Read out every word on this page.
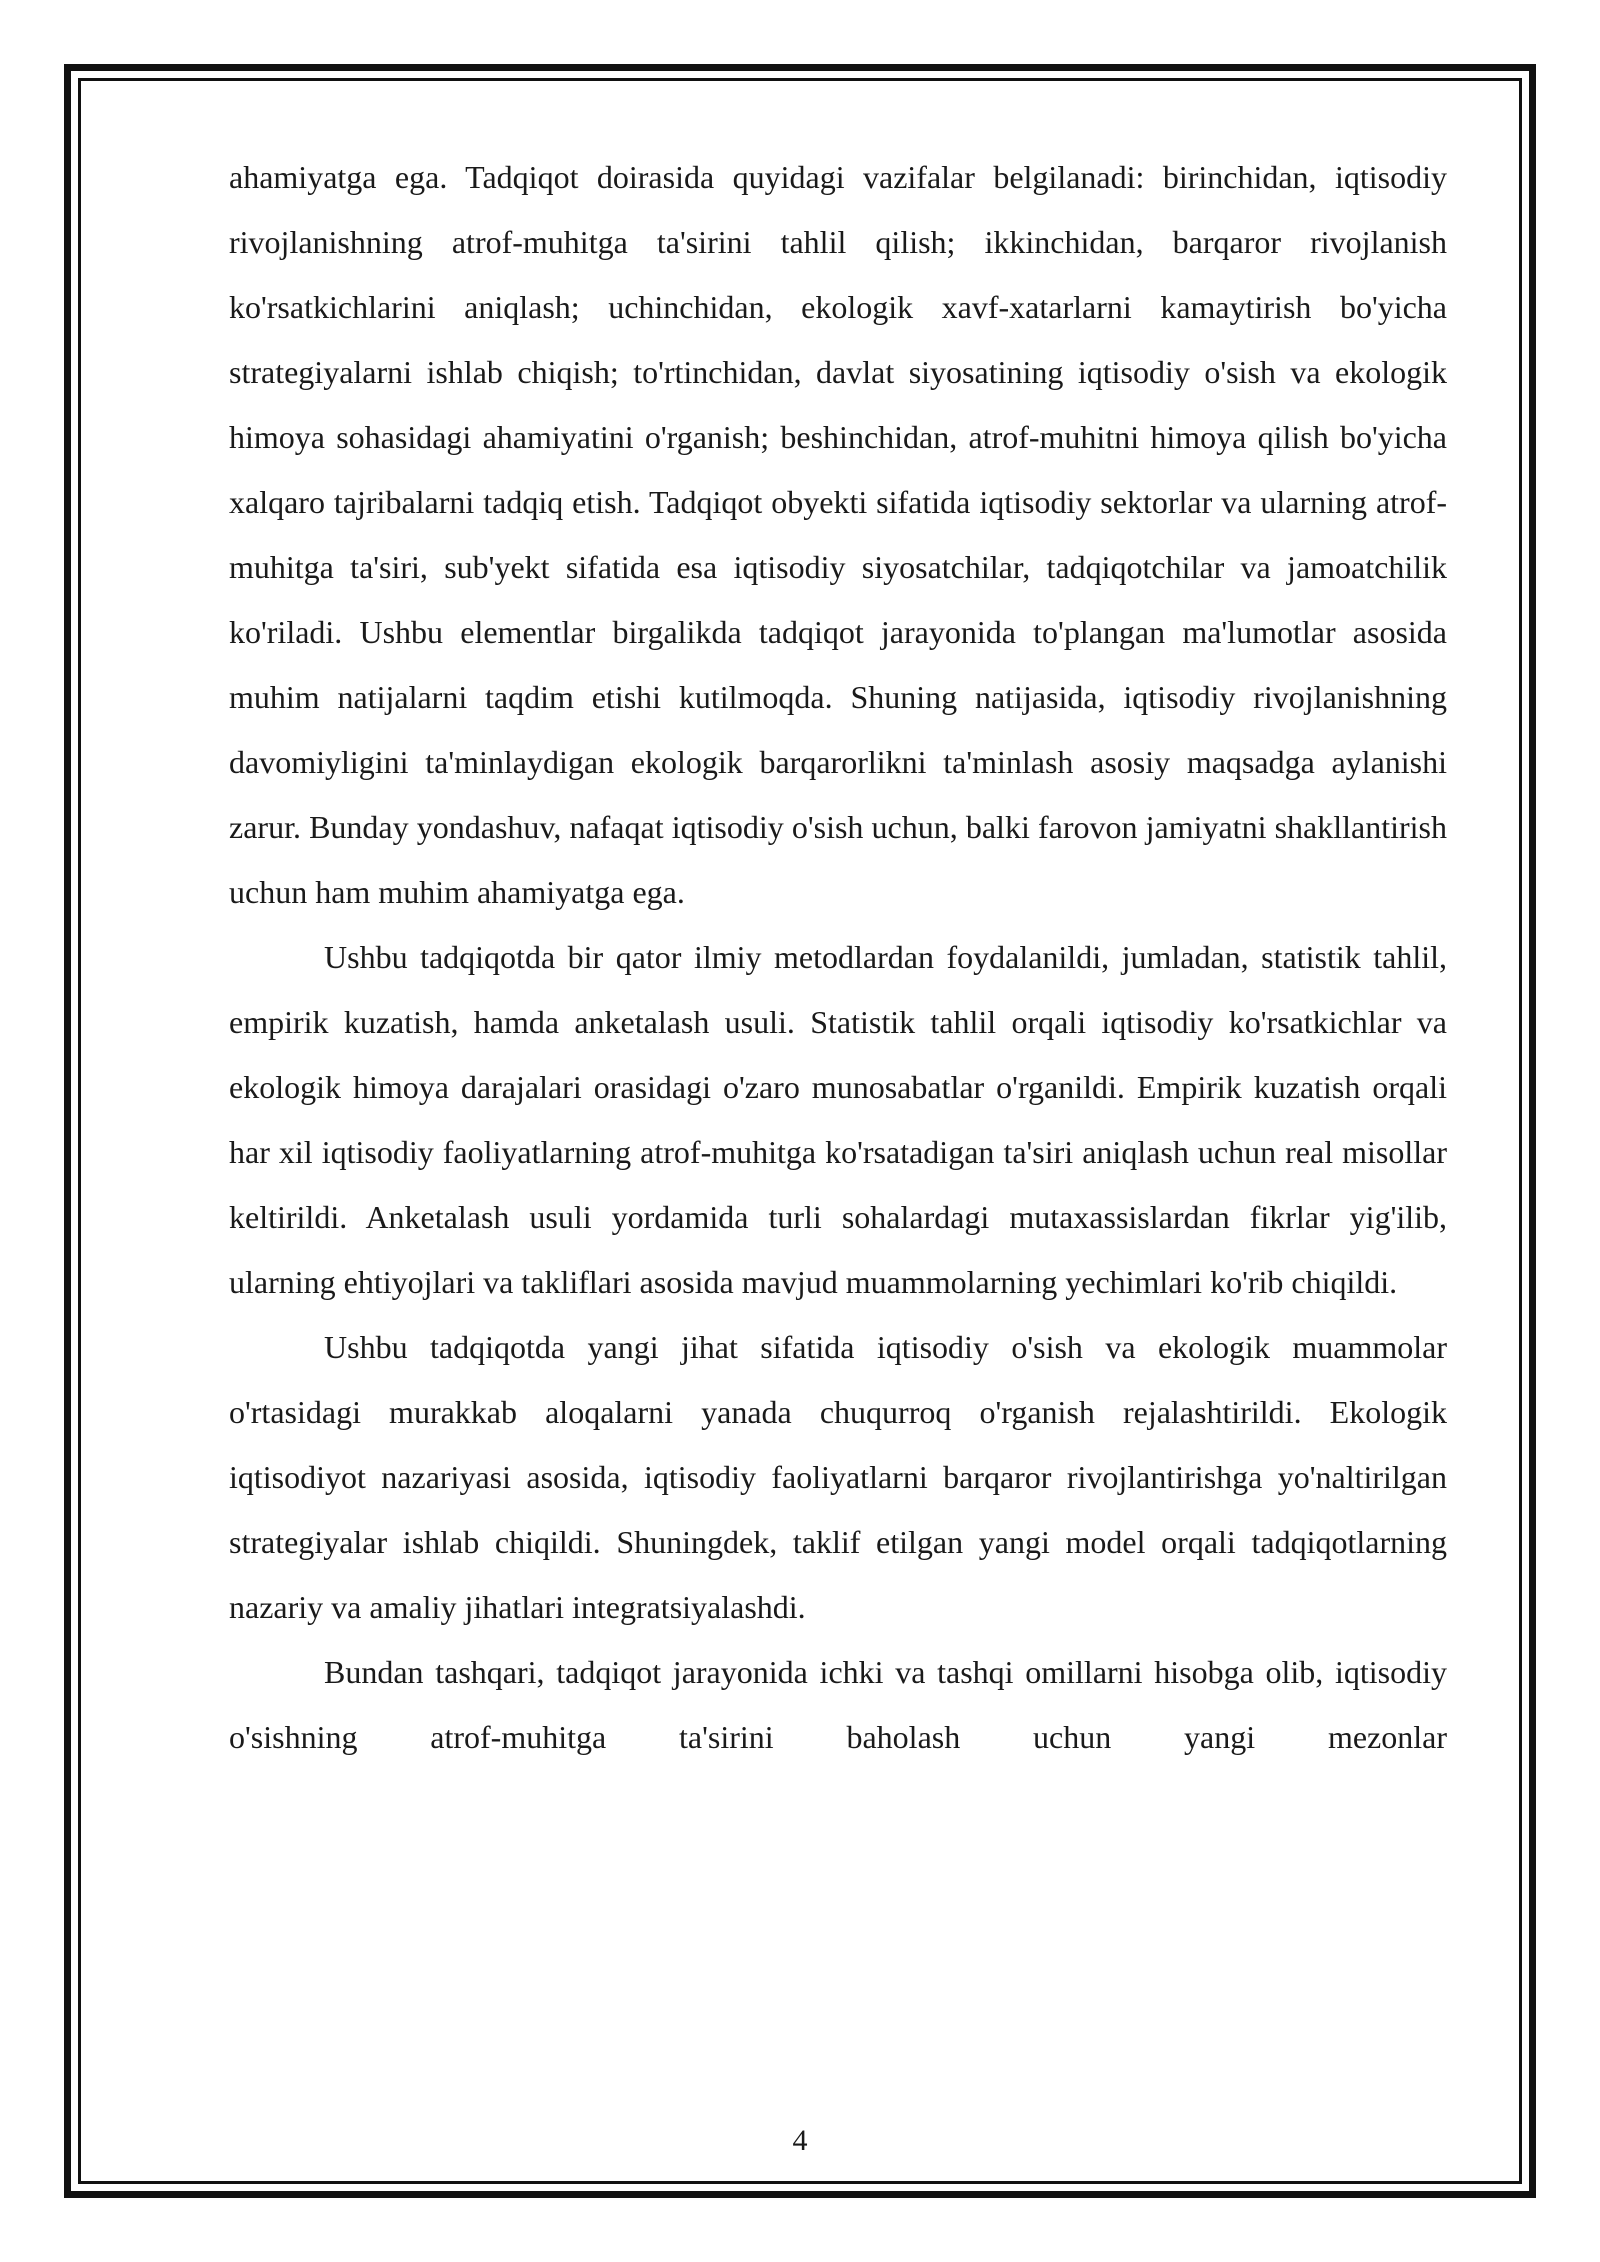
ahamiyatga ega. Tadqiqot doirasida quyidagi vazifalar belgilanadi: birinchidan, iqtisodiy rivojlanishning atrof-muhitga ta'sirini tahlil qilish; ikkinchidan, barqaror rivojlanish ko'rsatkichlarini aniqlash; uchinchidan, ekologik xavf-xatarlarni kamaytirish bo'yicha strategiyalarni ishlab chiqish; to'rtinchidan, davlat siyosatining iqtisodiy o'sish va ekologik himoya sohasidagi ahamiyatini o'rganish; beshinchidan, atrof-muhitni himoya qilish bo'yicha xalqaro tajribalarni tadqiq etish. Tadqiqot obyekti sifatida iqtisodiy sektorlar va ularning atrof-muhitga ta'siri, sub'yekt sifatida esa iqtisodiy siyosatchilar, tadqiqotchilar va jamoatchilik ko'riladi. Ushbu elementlar birgalikda tadqiqot jarayonida to'plangan ma'lumotlar asosida muhim natijalarni taqdim etishi kutilmoqda. Shuning natijasida, iqtisodiy rivojlanishning davomiyligini ta'minlaydigan ekologik barqarorlikni ta'minlash asosiy maqsadga aylanishi zarur. Bunday yondashuv, nafaqat iqtisodiy o'sish uchun, balki farovon jamiyatni shakllantirish uchun ham muhim ahamiyatga ega.

Ushbu tadqiqotda bir qator ilmiy metodlardan foydalanildi, jumladan, statistik tahlil, empirik kuzatish, hamda anketalash usuli. Statistik tahlil orqali iqtisodiy ko'rsatkichlar va ekologik himoya darajalari orasidagi o'zaro munosabatlar o'rganildi. Empirik kuzatish orqali har xil iqtisodiy faoliyatlarning atrof-muhitga ko'rsatadigan ta'siri aniqlash uchun real misollar keltirildi. Anketalash usuli yordamida turli sohalardagi mutaxassislardan fikrlar yig'ilib, ularning ehtiyojlari va takliflari asosida mavjud muammolarning yechimlari ko'rib chiqildi.

Ushbu tadqiqotda yangi jihat sifatida iqtisodiy o'sish va ekologik muammolar o'rtasidagi murakkab aloqalarni yanada chuqurroq o'rganish rejalashtirildi. Ekologik iqtisodiyot nazariyasi asosida, iqtisodiy faoliyatlarni barqaror rivojlantirishga yo'naltirilgan strategiyalar ishlab chiqildi. Shuningdek, taklif etilgan yangi model orqali tadqiqotlarning nazariy va amaliy jihatlari integratsiyalashdi.

Bundan tashqari, tadqiqot jarayonida ichki va tashqi omillarni hisobga olib, iqtisodiy o'sishning atrof-muhitga ta'sirini baholash uchun yangi mezonlar

4
